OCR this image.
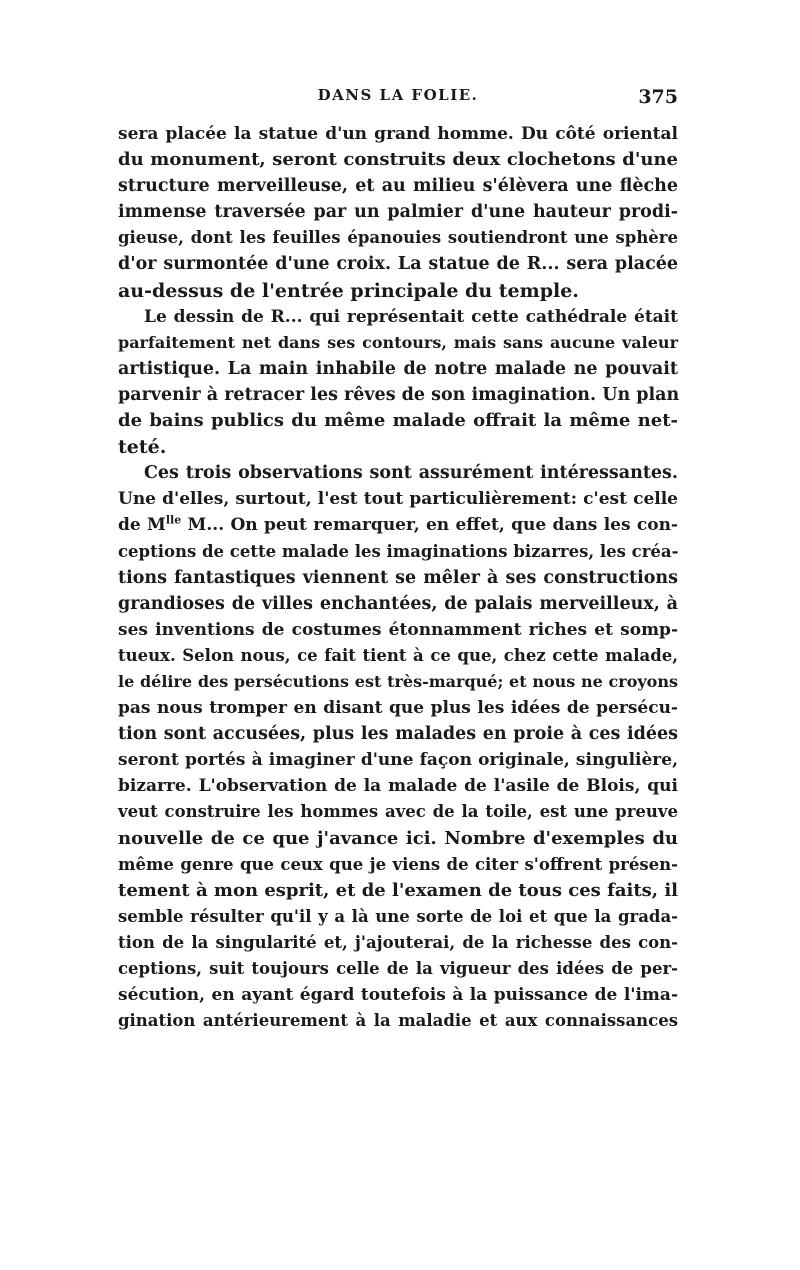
DANS LA FOLIE.	375
sera placée la statue d'un grand homme. Du côté oriental
du monument, seront construits deux clochetons d'une
structure merveilleuse, et au milieu s'élèvera une flèche
immense traversée par un palmier d'une hauteur prodi-
gieuse, dont les feuilles épanouies soutiendront une sphère
d'or surmontée d'une croix. La statue de R... sera placée
au-dessus de l'entrée principale du temple.
Le dessin de R... qui représentait cette cathédrale était
parfaitement net dans ses contours, mais sans aucune valeur
artistique. La main inhabile de notre malade ne pouvait
parvenir à retracer les rêves de son imagination. Un plan
de bains publics du même malade offrait la même net-
teté.
Ces trois observations sont assurément intéressantes.
Une d'elles, surtout, l'est tout particulièrement: c'est celle
de $M^{lle}$ M... On peut remarquer, en effet, que dans les con-
ceptions de cette malade les imaginations bizarres, les créa-
tions fantastiques viennent se mêler à ses constructions
grandioses de villes enchantées, de palais merveilleux, à
ses inventions de costumes étonnamment riches et somp-
tueux. Selon nous, ce fait tient à ce que, chez cette malade,
le délire des persécutions est très-marqué; et nous ne croyons
pas nous tromper en disant que plus les idées de persécu-
tion sont accusées, plus les malades en proie à ces idées
seront portés à imaginer d'une façon originale, singulière,
bizarre. L'observation de la malade de l'asile de Blois, qui
veut construire les hommes avec de la toile, est une preuve
nouvelle de ce que j'avance ici. Nombre d'exemples du
même genre que ceux que je viens de citer s'offrent présen-
tement à mon esprit, et de l'examen de tous ces faits, il
semble résulter qu'il y a là une sorte de loi et que la grada-
tion de la singularité et, j'ajouterai, de la richesse des con-
ceptions, suit toujours celle de la vigueur des idées de per-
sécution, en ayant égard toutefois à la puissance de l'ima-
gination antérieurement à la maladie et aux connaissances
